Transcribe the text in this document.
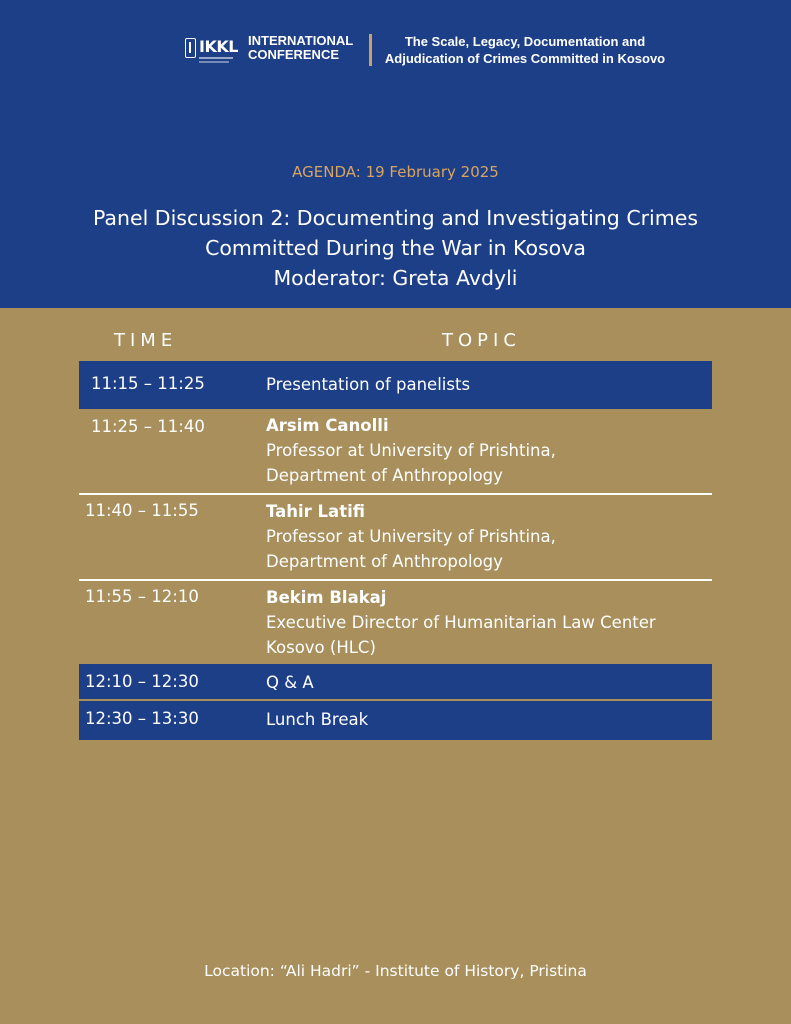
IKKL INTERNATIONAL
CONFERENCE
The Scale, Legacy, Documentation and
Adjudication of Crimes Committed in Kosovo
AGENDA: 19 February 2025
Panel Discussion 2: Documenting and Investigating Crimes
Committed During the War in Kosova
Moderator: Greta Avdyli
TIME	TOPIC
11:15 – 11:25	Presentation of panelists
11:25 – 11:40	Arsim Canolli
Professor at University of Prishtina,
Department of Anthropology
11:40 – 11:55	Tahir Latifi
Professor at University of Prishtina,
Department of Anthropology
11:55 – 12:10	Bekim Blakaj
Executive Director of Humanitarian Law Center
Kosovo (HLC)
12:10 – 12:30	Q & A
12:30 – 13:30	Lunch Break
Location: “Ali Hadri” - Institute of History, Pristina
